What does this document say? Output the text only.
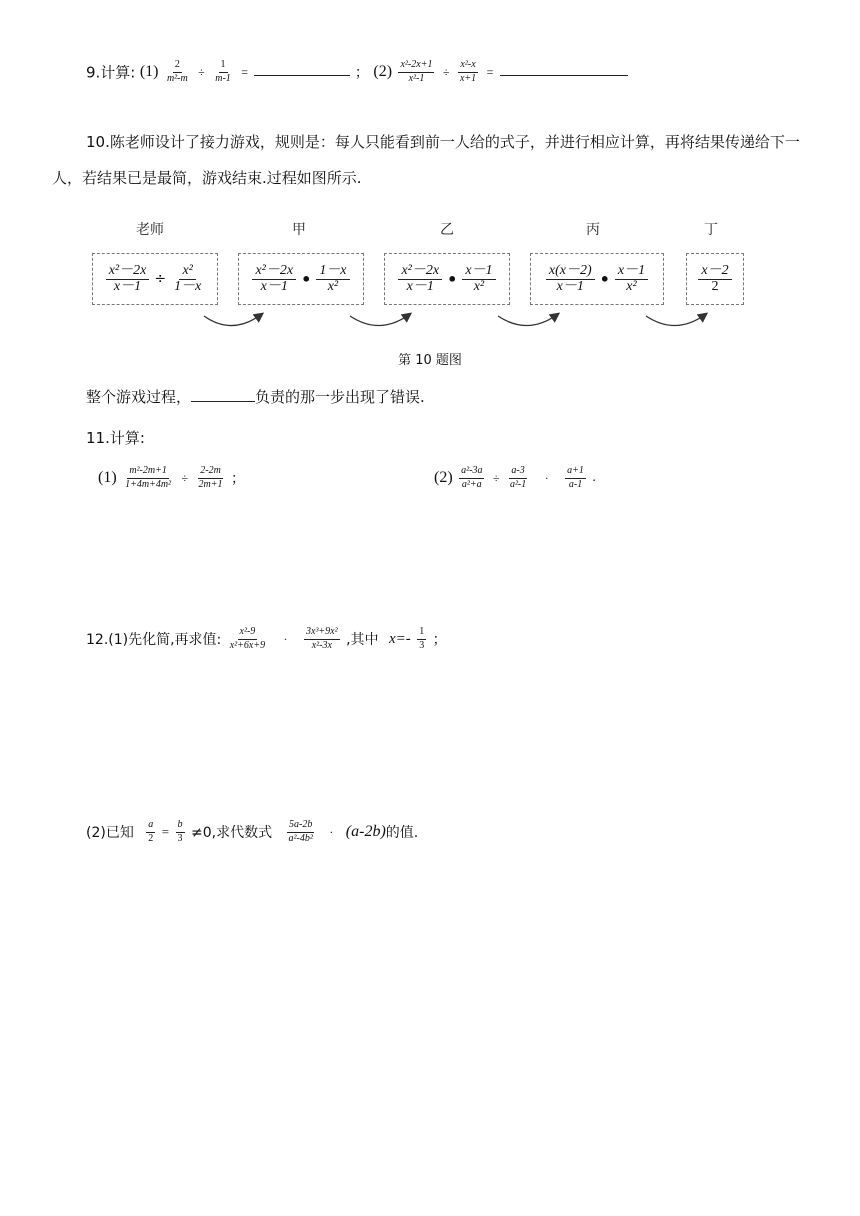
9.计算: $(1) \frac{2}{\text{m²-m}} \div \frac{1}{m-1}$ =	； $(2) \frac{\text{x²-2x+1}}{\text{x²-1}} \div \frac{\text{x²-x}}{x+1}$ =
10.陈老师设计了接力游戏，规则是：每人只能看到前一人给的式子，并进行相应计算，再将结果传递给下一人，若结果已是最简，游戏结束.过程如图所示.
老师	甲	乙	丙	丁
$\frac{\text{x²－2x}}{x-1} \div \frac{\text{x²}}{1-x}$	$\frac{\text{x²－2x}}{x-1}$ • $\frac{1-x}{\text{x²}}$	$\frac{\text{x²－2x}}{x-1}$ • $\frac{x-1}{\text{x²}}$	$\frac{x(x-2)}{x-1}$ • $\frac{x-1}{\text{x²}}$	$\frac{x-2}{2}$
第 10 题图
整个游戏过程，	负责的那一步出现了错误.
11.计算:
$(1) \frac{\text{m²-2m+1}}{\text{1+4m+4m²}} \div \frac{2-2m}{2m+1}$ ；	$(2) \frac{\text{a²-3a}}{\text{a²+a}} \div \frac{a-3}{\text{a²-1}} \cdot \frac{a+1}{a-1}$ .
12.(1)先化简,再求值: $\frac{\text{x²-9}}{\text{x²+6x+9}} \cdot \frac{\text{3x³+9x²}}{\text{x²-3x}}$ ,其中 $x=- \frac{1}{3}$ ；
(2)已知 $\frac{a}{2} = \frac{b}{3} \ne 0$,求代数式 $\frac{5a-2b}{\text{a²-4b²}} \cdot (a-2b)$的值.
